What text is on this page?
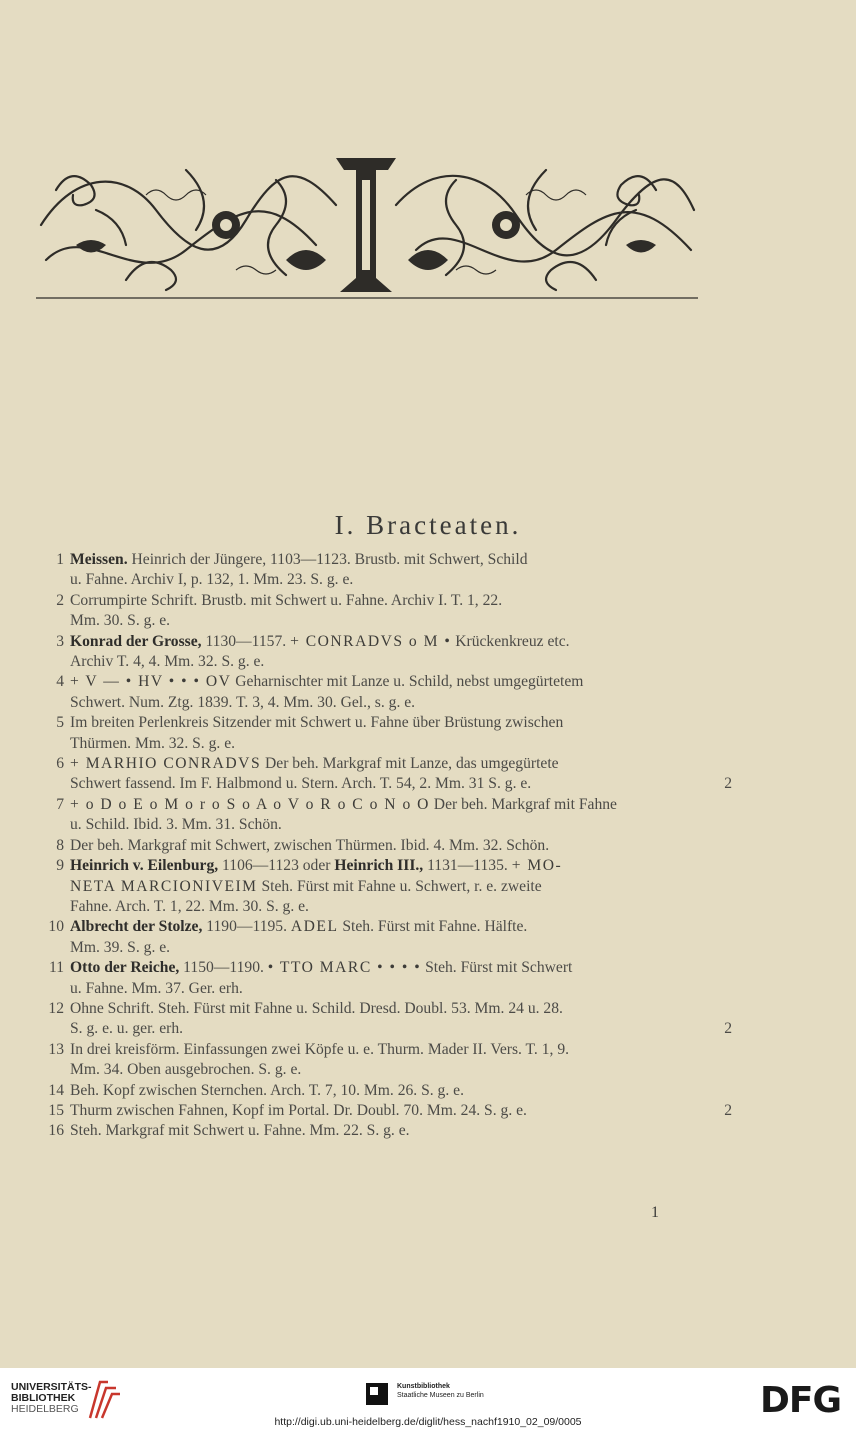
I. Bracteaten.
1 Meissen. Heinrich der Jüngere, 1103—1123. Brustb. mit Schwert, Schild
u. Fahne. Archiv I, p. 132, 1. Mm. 23. S. g. e.
2 Corrumpirte Schrift. Brustb. mit Schwert u. Fahne. Archiv I. T. 1, 22.
Mm. 30. S. g. e.
3 Konrad der Grosse, 1130—1157. + CONRADVS o M • Krückenkreuz etc.
Archiv T. 4, 4. Mm. 32. S. g. e.
4 + V — • HV • • • OV Geharnischter mit Lanze u. Schild, nebst umgegürtetem
Schwert. Num. Ztg. 1839. T. 3, 4. Mm. 30. Gel., s. g. e.
5 Im breiten Perlenkreis Sitzender mit Schwert u. Fahne über Brüstung zwischen
Thürmen. Mm. 32. S. g. e.
6 + MARHIO CONRADVS Der beh. Markgraf mit Lanze, das umgegürtete
Schwert fassend. Im F. Halbmond u. Stern. Arch. T. 54, 2. Mm. 31 S. g. e.	2
7 + o D o E o M o r o S o A o V o R o C o N o O Der beh. Markgraf mit Fahne
u. Schild. Ibid. 3. Mm. 31. Schön.
8 Der beh. Markgraf mit Schwert, zwischen Thürmen. Ibid. 4. Mm. 32. Schön.
9 Heinrich v. Eilenburg, 1106—1123 oder Heinrich III., 1131—1135. + MO-
NETA MARCIONIVEIM Steh. Fürst mit Fahne u. Schwert, r. e. zweite
Fahne. Arch. T. 1, 22. Mm. 30. S. g. e.
10 Albrecht der Stolze, 1190—1195. ADEL Steh. Fürst mit Fahne. Hälfte.
Mm. 39. S. g. e.
11 Otto der Reiche, 1150—1190. • TTO MARC • • • • Steh. Fürst mit Schwert
u. Fahne. Mm. 37. Ger. erh.
12 Ohne Schrift. Steh. Fürst mit Fahne u. Schild. Dresd. Doubl. 53. Mm. 24 u. 28.
S. g. e. u. ger. erh.	2
13 In drei kreisförm. Einfassungen zwei Köpfe u. e. Thurm. Mader II. Vers. T. 1, 9.
Mm. 34. Oben ausgebrochen. S. g. e.
14 Beh. Kopf zwischen Sternchen. Arch. T. 7, 10. Mm. 26. S. g. e.
15 Thurm zwischen Fahnen, Kopf im Portal. Dr. Doubl. 70. Mm. 24. S. g. e.	2
16 Steh. Markgraf mit Schwert u. Fahne. Mm. 22. S. g. e.
1
UNIVERSITÄTS-
BIBLIOTHEK
HEIDELBERG
Kunstbibliothek
Staatliche Museen zu Berlin	DFG
http://digi.ub.uni-heidelberg.de/diglit/hess_nachf1910_02_09/0005
